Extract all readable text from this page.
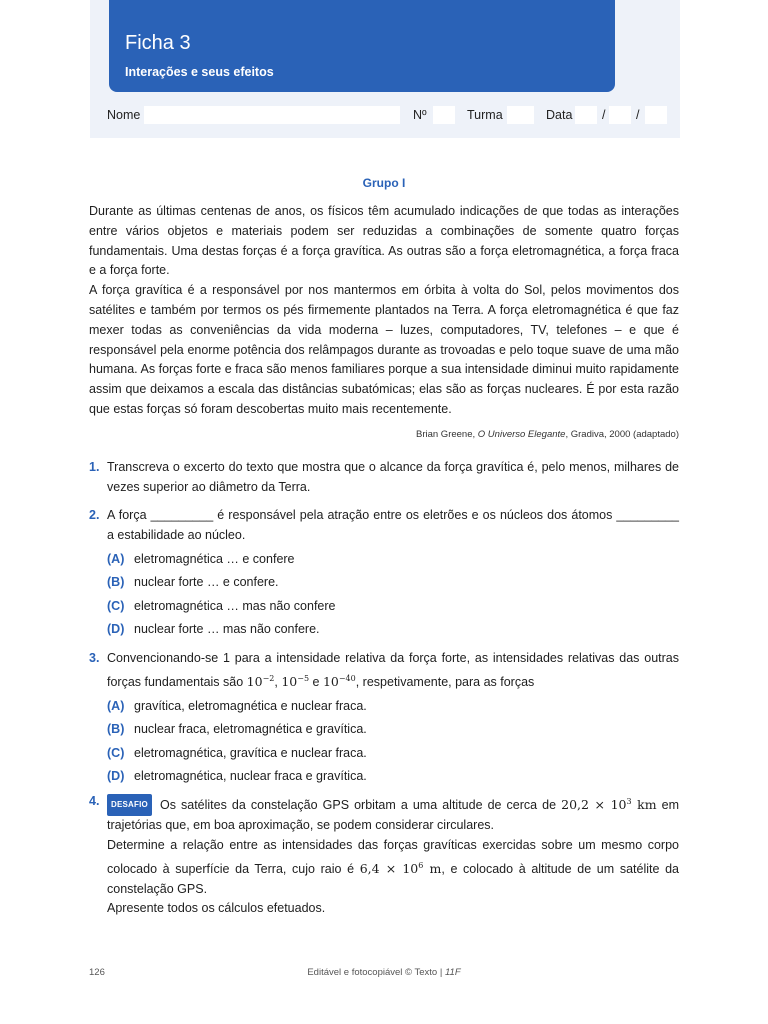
Ficha 3
Interações e seus efeitos
Nome	Nº	Turma	Data / /
Grupo I

Durante as últimas centenas de anos, os físicos têm acumulado indicações de que todas as interações entre vários objetos e materiais podem ser reduzidas a combinações de somente quatro forças fundamentais. Uma destas forças é a força gravítica. As outras são a força eletromagnética, a força fraca e a força forte.

A força gravítica é a responsável por nos mantermos em órbita à volta do Sol, pelos movimentos dos satélites e também por termos os pés firmemente plantados na Terra. A força eletromagnética é que faz mexer todas as conveniências da vida moderna – luzes, computadores, TV, telefones – e que é responsável pela enorme potência dos relâmpagos durante as trovoadas e pelo toque suave de uma mão humana. As forças forte e fraca são menos familiares porque a sua intensidade diminui muito rapidamente assim que deixamos a escala das distâncias subatómicas; elas são as forças nucleares. É por esta razão que estas forças só foram descobertas muito mais recentemente.

Brian Greene, O Universo Elegante, Gradiva, 2000 (adaptado)
1. Transcreva o excerto do texto que mostra que o alcance da força gravítica é, pelo menos, milhares de vezes superior ao diâmetro da Terra.
2. A força _________ é responsável pela atração entre os eletrões e os núcleos dos átomos _________ a estabilidade ao núcleo.
(A) eletromagnética … e confere
(B) nuclear forte … e confere.
(C) eletromagnética … mas não confere
(D) nuclear forte … mas não confere.
3. Convencionando-se 1 para a intensidade relativa da força forte, as intensidades relativas das outras forças fundamentais são $10^{-2}$, $10^{-5}$ e $10^{-40}$, respetivamente, para as forças
(A) gravítica, eletromagnética e nuclear fraca.
(B) nuclear fraca, eletromagnética e gravítica.
(C) eletromagnética, gravítica e nuclear fraca.
(D) eletromagnética, nuclear fraca e gravítica.
4.	DESAFIO Os satélites da constelação GPS orbitam a uma altitude de cerca de $20,2 \times 10^3$ km em trajetórias que, em boa aproximação, se podem considerar circulares.
Determine a relação entre as intensidades das forças gravíticas exercidas sobre um mesmo corpo colocado à superfície da Terra, cujo raio é $6,4 \times 10^6$ m, e colocado à altitude de um satélite da constelação GPS.
Apresente todos os cálculos efetuados.
126	Editável e fotocopiável © Texto | 11F
